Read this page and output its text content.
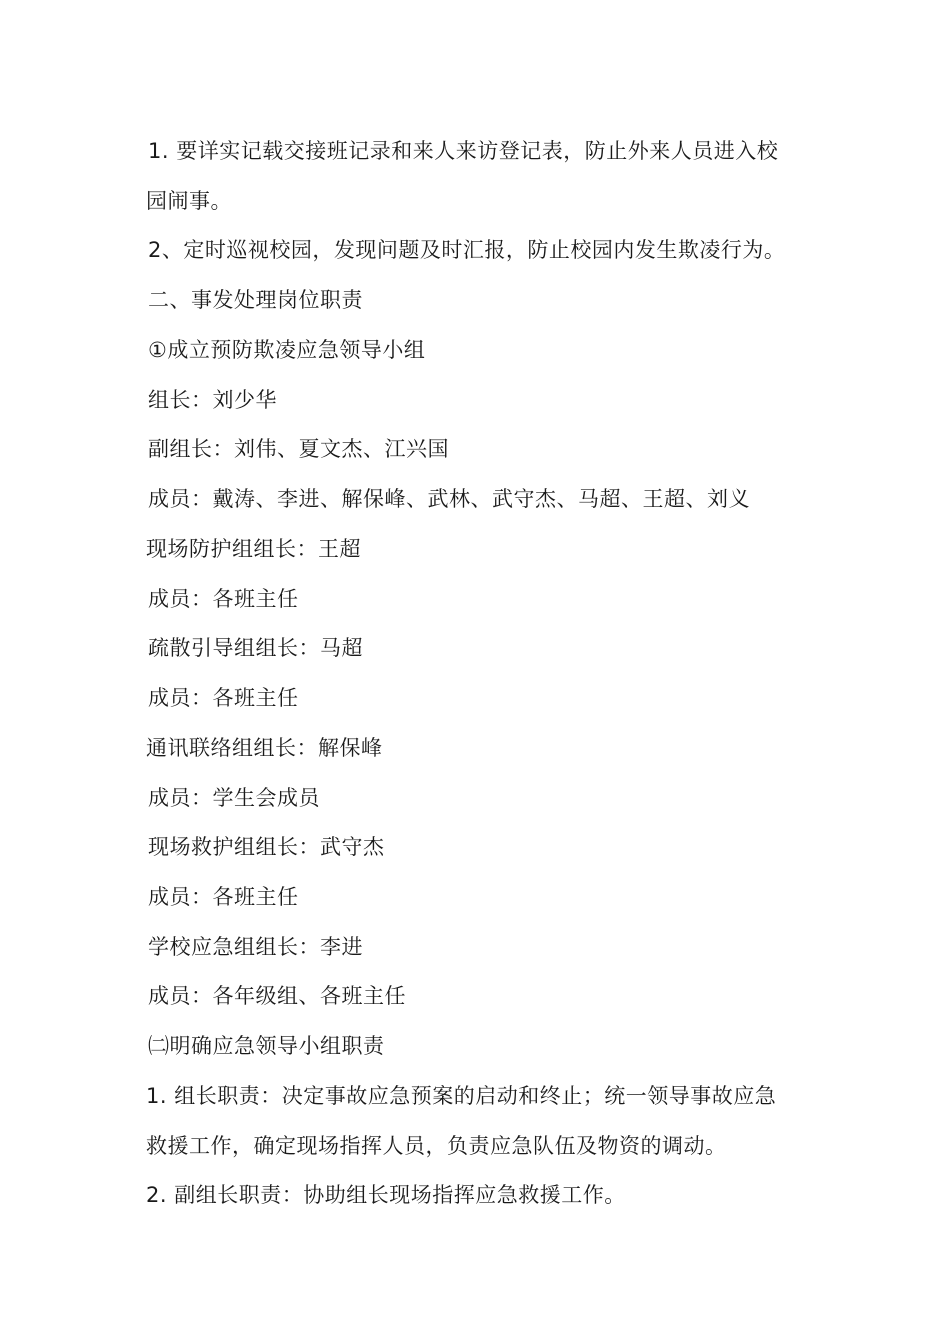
1. 要详实记载交接班记录和来人来访登记表，防止外来人员进入校
园闹事。
2、定时巡视校园，发现问题及时汇报，防止校园内发生欺凌行为。
二、事发处理岗位职责
①成立预防欺凌应急领导小组
组长：刘少华
副组长：刘伟、夏文杰、江兴国
成员：戴涛、李进、解保峰、武林、武守杰、马超、王超、刘义
现场防护组组长：王超
成员：各班主任
疏散引导组组长：马超
成员：各班主任
通讯联络组组长：解保峰
成员：学生会成员
现场救护组组长：武守杰
成员：各班主任
学校应急组组长：李进
成员：各年级组、各班主任
㈡明确应急领导小组职责
1. 组长职责：决定事故应急预案的启动和终止；统一领导事故应急
救援工作，确定现场指挥人员，负责应急队伍及物资的调动。
2. 副组长职责：协助组长现场指挥应急救援工作。
